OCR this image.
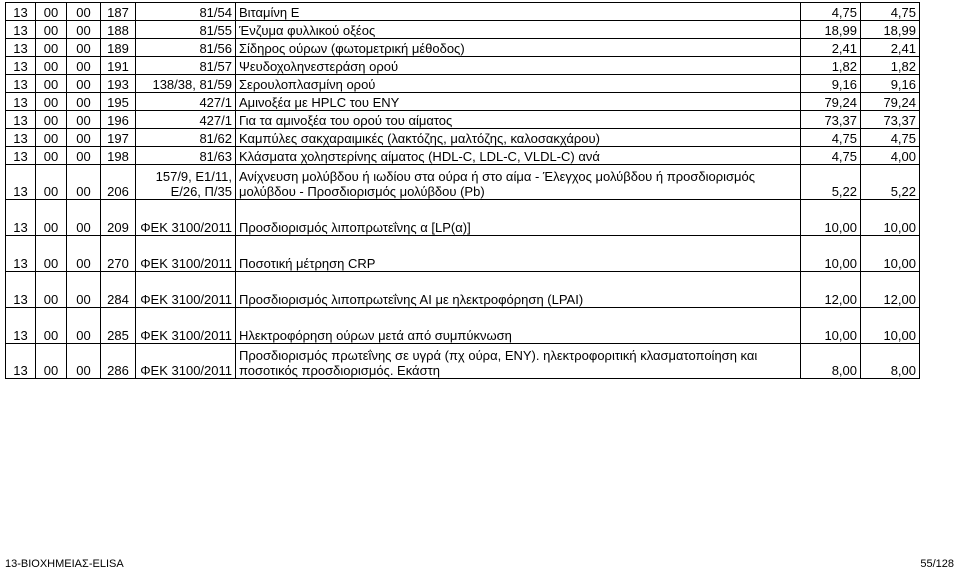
13	00	00	187	81/54	Βιταμίνη Ε	4,75	4,75
13	00	00	188	81/55	Ένζυμα φυλλικού οξέος	18,99	18,99
13	00	00	189	81/56	Σίδηρος ούρων (φωτομετρική μέθοδος)	2,41	2,41
13	00	00	191	81/57	Ψευδοχοληνεστεράση ορού	1,82	1,82
13	00	00	193	138/38, 81/59	Σερουλοπλασμίνη ορού	9,16	9,16
13	00	00	195	427/1	Αμινοξέα με HPLC του ΕΝΥ	79,24	79,24
13	00	00	196	427/1	Για τα αμινοξέα του ορού του αίματος	73,37	73,37
13	00	00	197	81/62	Καμπύλες σακχαραιμικές (λακτόζης, μαλτόζης, καλοσακχάρου)	4,75	4,75
13	00	00	198	81/63	Κλάσματα χοληστερίνης αίματος (HDL-C, LDL-C, VLDL-C) ανά	4,75	4,00
13	00	00	206	157/9, Ε1/11, Ε/26, Π/35	Ανίχνευση μολύβδου ή ιωδίου στα ούρα ή στο αίμα - Έλεγχος μολύβδου ή προσδιορισμός μολύβδου - Προσδιορισμός μολύβδου (Pb)	5,22	5,22
13	00	00	209	ΦΕΚ 3100/2011	Προσδιορισμός λιποπρωτεΐνης α [LP(α)]	10,00	10,00
13	00	00	270	ΦΕΚ 3100/2011	Ποσοτική μέτρηση CRP	10,00	10,00
13	00	00	284	ΦΕΚ 3100/2011	Προσδιορισμός λιποπρωτεΐνης ΑΙ με ηλεκτροφόρηση (LPAI)	12,00	12,00
13	00	00	285	ΦΕΚ 3100/2011	Ηλεκτροφόρηση ούρων μετά από συμπύκνωση	10,00	10,00
13	00	00	286	ΦΕΚ 3100/2011	Προσδιορισμός πρωτεΐνης σε υγρά (πχ ούρα, ΕΝΥ). ηλεκτροφοριτική κλασματοποίηση και ποσοτικός προσδιορισμός. Εκάστη	8,00	8,00
13-ΒΙΟΧΗΜΕΙΑΣ-ELISA	55/128
